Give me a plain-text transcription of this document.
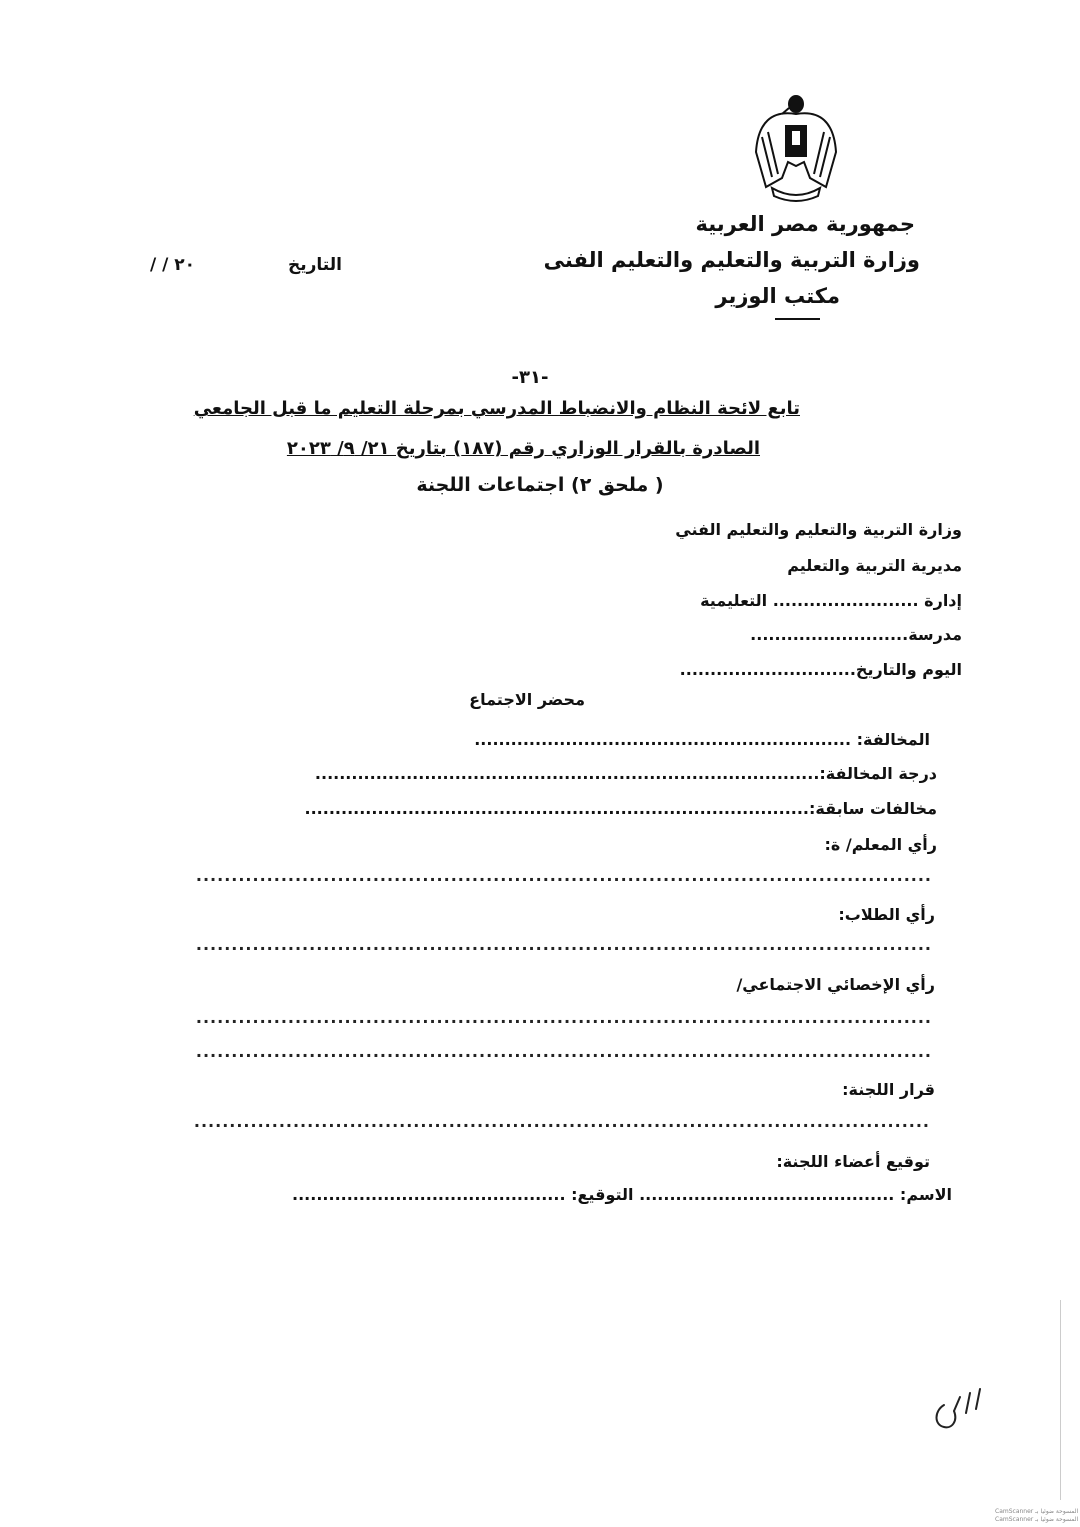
جمهورية مصر العربية
وزارة التربية والتعليم والتعليم الفنى
مكتب الوزير
التاريخ
/ / ٢٠
-٣١-
تابع لائحة النظام والانضباط المدرسي بمرحلة التعليم ما قبل الجامعي
الصادرة بالقرار الوزاري رقم (١٨٧) بتاريخ ٢١/ ٩/ ٢٠٢٣
( ملحق ٢) اجتماعات اللجنة
وزارة التربية والتعليم والتعليم الفني
مديرية التربية والتعليم
إدارة ........................ التعليمية
مدرسة..........................
اليوم والتاريخ.............................
محضر الاجتماع
المخالفة: ..............................................................
درجة المخالفة:...................................................................................
مخالفات سابقة:...................................................................................
رأي المعلم/ ة:
........................................................................................................
رأي الطلاب:
........................................................................................................
رأي الإخصائي الاجتماعي/
........................................................................................................
........................................................................................................
قرار اللجنة:
........................................................................................................
توقيع أعضاء اللجنة:
الاسم: .......................................... التوقيع: .............................................
CamScanner المسوحة ضوئيا بـ
CamScanner المسوحة ضوئيا بـ
